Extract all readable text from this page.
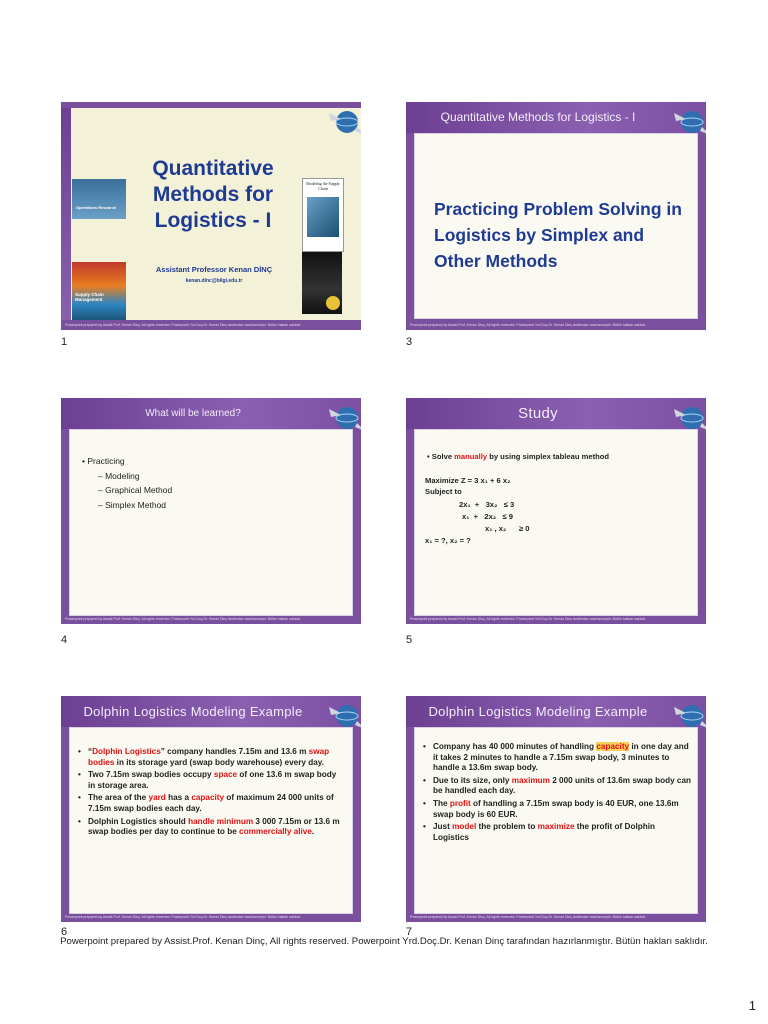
Quantitative Methods for Logistics - I
Assistant Professor Kenan DİNÇ
kenan.dinc@bilgi.edu.tr
Operations Research
Supply Chain Management
Modeling the Supply Chain
Powerpoint prepared by Assist.Prof. Kenan Dinç, All rights reserved. Powerpoint Yrd.Doç.Dr. Kenan Dinç tarafından hazırlanmıştır. Bütün hakları saklıdır.
1
Quantitative Methods for Logistics - I
Practicing Problem Solving in Logistics by Simplex and Other Methods
Powerpoint prepared by Assist.Prof. Kenan Dinç, All rights reserved. Powerpoint Yrd.Doç.Dr. Kenan Dinç tarafından hazırlanmıştır. Bütün hakları saklıdır.
3
What will be learned?
• Practicing
– Modeling
– Graphical Method
– Simplex Method
Powerpoint prepared by Assist.Prof. Kenan Dinç, All rights reserved. Powerpoint Yrd.Doç.Dr. Kenan Dinç tarafından hazırlanmıştır. Bütün hakları saklıdır.
4
Study
• Solve manually by using simplex tableau method
Maximize Z = 3 x₁ + 6 x₂
Subject to
2x₁  +   3x₂   ≤ 3
x₁  +   2x₂   ≤ 9
x₁ , x₂      ≥ 0
x₁ = ?, x₂ = ?
Powerpoint prepared by Assist.Prof. Kenan Dinç, All rights reserved. Powerpoint Yrd.Doç.Dr. Kenan Dinç tarafından hazırlanmıştır. Bütün hakları saklıdır.
5
Dolphin Logistics Modeling Example
• “Dolphin Logistics” company handles 7.15m and 13.6 m swap bodies in its storage yard (swap body warehouse) every day.
• Two 7.15m swap bodies occupy space of one 13.6 m swap body in storage area.
• The area of the yard has a capacity of maximum 24 000 units of 7.15m swap bodies each day.
• Dolphin Logistics should handle minimum 3 000 7.15m or 13.6 m swap bodies per day to continue to be commercially alive.
Powerpoint prepared by Assist.Prof. Kenan Dinç, All rights reserved. Powerpoint Yrd.Doç.Dr. Kenan Dinç tarafından hazırlanmıştır. Bütün hakları saklıdır.
6
Dolphin Logistics Modeling Example
• Company has 40 000 minutes of handling capacity in one day and it takes 2 minutes to handle a 7.15m swap body, 3 minutes to handle a 13.6m swap body.
• Due to its size, only maximum 2 000 units of 13.6m swap body can be handled each day.
• The profit of handling a 7.15m swap body is 40 EUR, one 13.6m swap body is 60 EUR.
• Just model the problem to maximize the profit of Dolphin Logistics
Powerpoint prepared by Assist.Prof. Kenan Dinç, All rights reserved. Powerpoint Yrd.Doç.Dr. Kenan Dinç tarafından hazırlanmıştır. Bütün hakları saklıdır.
7
Powerpoint prepared by Assist.Prof. Kenan Dinç, All rights reserved. Powerpoint Yrd.Doç.Dr. Kenan Dinç tarafından hazırlanmıştır. Bütün hakları saklıdır.
1
